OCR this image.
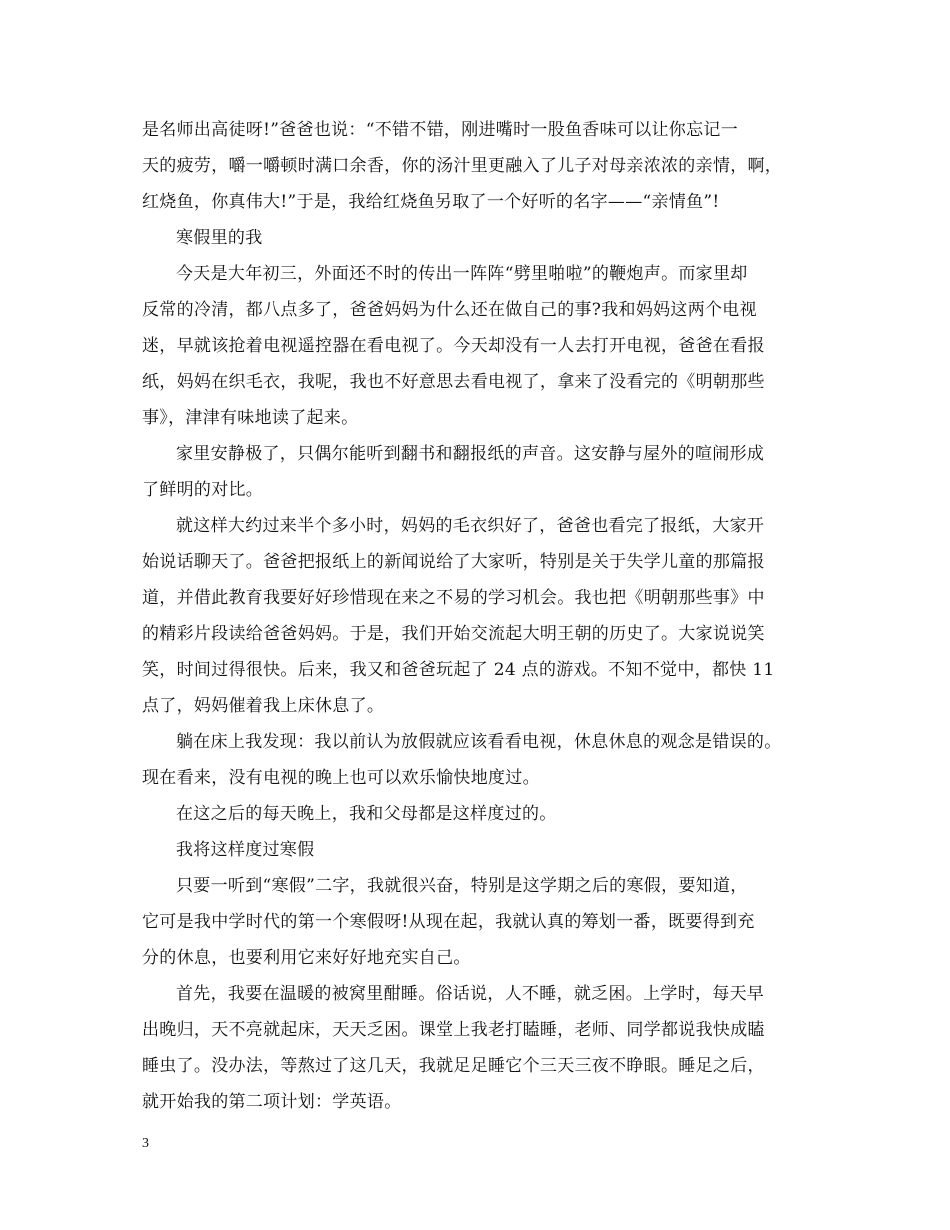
是名师出高徒呀!”爸爸也说：“不错不错，刚进嘴时一股鱼香味可以让你忘记一
天的疲劳，嚼一嚼顿时满口余香，你的汤汁里更融入了儿子对母亲浓浓的亲情，啊，
红烧鱼，你真伟大!”于是，我给红烧鱼另取了一个好听的名字——“亲情鱼”!
寒假里的我
今天是大年初三，外面还不时的传出一阵阵“劈里啪啦”的鞭炮声。而家里却
反常的冷清，都八点多了，爸爸妈妈为什么还在做自己的事?我和妈妈这两个电视
迷，早就该抢着电视遥控器在看电视了。今天却没有一人去打开电视，爸爸在看报
纸，妈妈在织毛衣，我呢，我也不好意思去看电视了，拿来了没看完的《明朝那些
事》，津津有味地读了起来。
家里安静极了，只偶尔能听到翻书和翻报纸的声音。这安静与屋外的喧闹形成
了鲜明的对比。
就这样大约过来半个多小时，妈妈的毛衣织好了，爸爸也看完了报纸，大家开
始说话聊天了。爸爸把报纸上的新闻说给了大家听，特别是关于失学儿童的那篇报
道，并借此教育我要好好珍惜现在来之不易的学习机会。我也把《明朝那些事》中
的精彩片段读给爸爸妈妈。于是，我们开始交流起大明王朝的历史了。大家说说笑
笑，时间过得很快。后来，我又和爸爸玩起了 24 点的游戏。不知不觉中，都快 11
点了，妈妈催着我上床休息了。
躺在床上我发现：我以前认为放假就应该看看电视，休息休息的观念是错误的。
现在看来，没有电视的晚上也可以欢乐愉快地度过。
在这之后的每天晚上，我和父母都是这样度过的。
我将这样度过寒假
只要一听到“寒假”二字，我就很兴奋，特别是这学期之后的寒假，要知道，
它可是我中学时代的第一个寒假呀!从现在起，我就认真的筹划一番，既要得到充
分的休息，也要利用它来好好地充实自己。
首先，我要在温暖的被窝里酣睡。俗话说，人不睡，就乏困。上学时，每天早
出晚归，天不亮就起床，天天乏困。课堂上我老打瞌睡，老师、同学都说我快成瞌
睡虫了。没办法，等熬过了这几天，我就足足睡它个三天三夜不睁眼。睡足之后，
就开始我的第二项计划：学英语。
3
